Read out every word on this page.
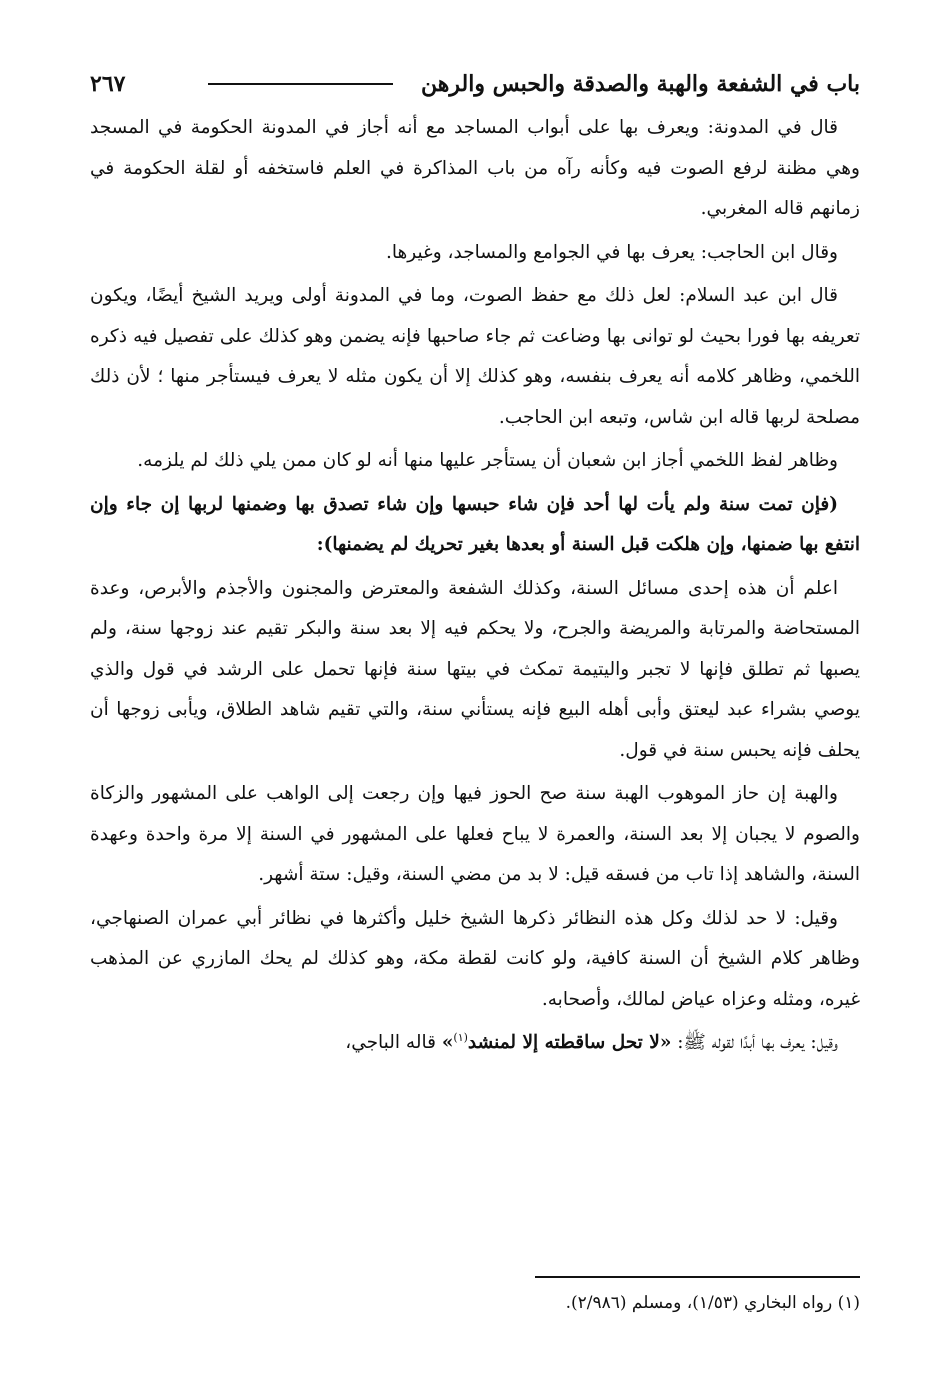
باب في الشفعة والهبة والصدقة والحبس والرهن
٢٦٧

قال في المدونة: ويعرف بها على أبواب المساجد مع أنه أجاز في المدونة الحكومة في المسجد وهي مظنة لرفع الصوت فيه وكأنه رآه من باب المذاكرة في العلم فاستخفه أو لقلة الحكومة في زمانهم قاله المغربي.

وقال ابن الحاجب: يعرف بها في الجوامع والمساجد، وغيرها.

قال ابن عبد السلام: لعل ذلك مع حفظ الصوت، وما في المدونة أولى ويريد الشيخ أيضًا، ويكون تعريفه بها فورا بحيث لو توانى بها وضاعت ثم جاء صاحبها فإنه يضمن وهو كذلك على تفصيل فيه ذكره اللخمي، وظاهر كلامه أنه يعرف بنفسه، وهو كذلك إلا أن يكون مثله لا يعرف فيستأجر منها ؛ لأن ذلك مصلحة لربها قاله ابن شاس، وتبعه ابن الحاجب.

وظاهر لفظ اللخمي أجاز ابن شعبان أن يستأجر عليها منها أنه لو كان ممن يلي ذلك لم يلزمه.

(فإن تمت سنة ولم يأت لها أحد فإن شاء حبسها وإن شاء تصدق بها وضمنها لربها إن جاء وإن انتفع بها ضمنها، وإن هلكت قبل السنة أو بعدها بغير تحريك لم يضمنها):

اعلم أن هذه إحدى مسائل السنة، وكذلك الشفعة والمعترض والمجنون والأجذم والأبرص، وعدة المستحاضة والمرتابة والمريضة والجرح، ولا يحكم فيه إلا بعد سنة والبكر تقيم عند زوجها سنة، ولم يصبها ثم تطلق فإنها لا تجبر واليتيمة تمكث في بيتها سنة فإنها تحمل على الرشد في قول والذي يوصي بشراء عبد ليعتق وأبى أهله البيع فإنه يستأني سنة، والتي تقيم شاهد الطلاق، ويأبى زوجها أن يحلف فإنه يحبس سنة في قول.

والهبة إن حاز الموهوب الهبة سنة صح الحوز فيها وإن رجعت إلى الواهب على المشهور والزكاة والصوم لا يجبان إلا بعد السنة، والعمرة لا يباح فعلها على المشهور في السنة إلا مرة واحدة وعهدة السنة، والشاهد إذا تاب من فسقه قيل: لا بد من مضي السنة، وقيل: ستة أشهر.

وقيل: لا حد لذلك وكل هذه النظائر ذكرها الشيخ خليل وأكثرها في نظائر أبي عمران الصنهاجي، وظاهر كلام الشيخ أن السنة كافية، ولو كانت لقطة مكة، وهو كذلك لم يحك المازري عن المذهب غيره، ومثله وعزاه عياض لمالك، وأصحابه.

وقيل: يعرف بها أبدًا لقوله ﷺ: «لا تحل ساقطته إلا لمنشد$^{(١)}$» قاله الباجي،

(١) رواه البخاري (١/٥٣)، ومسلم (٢/٩٨٦).
